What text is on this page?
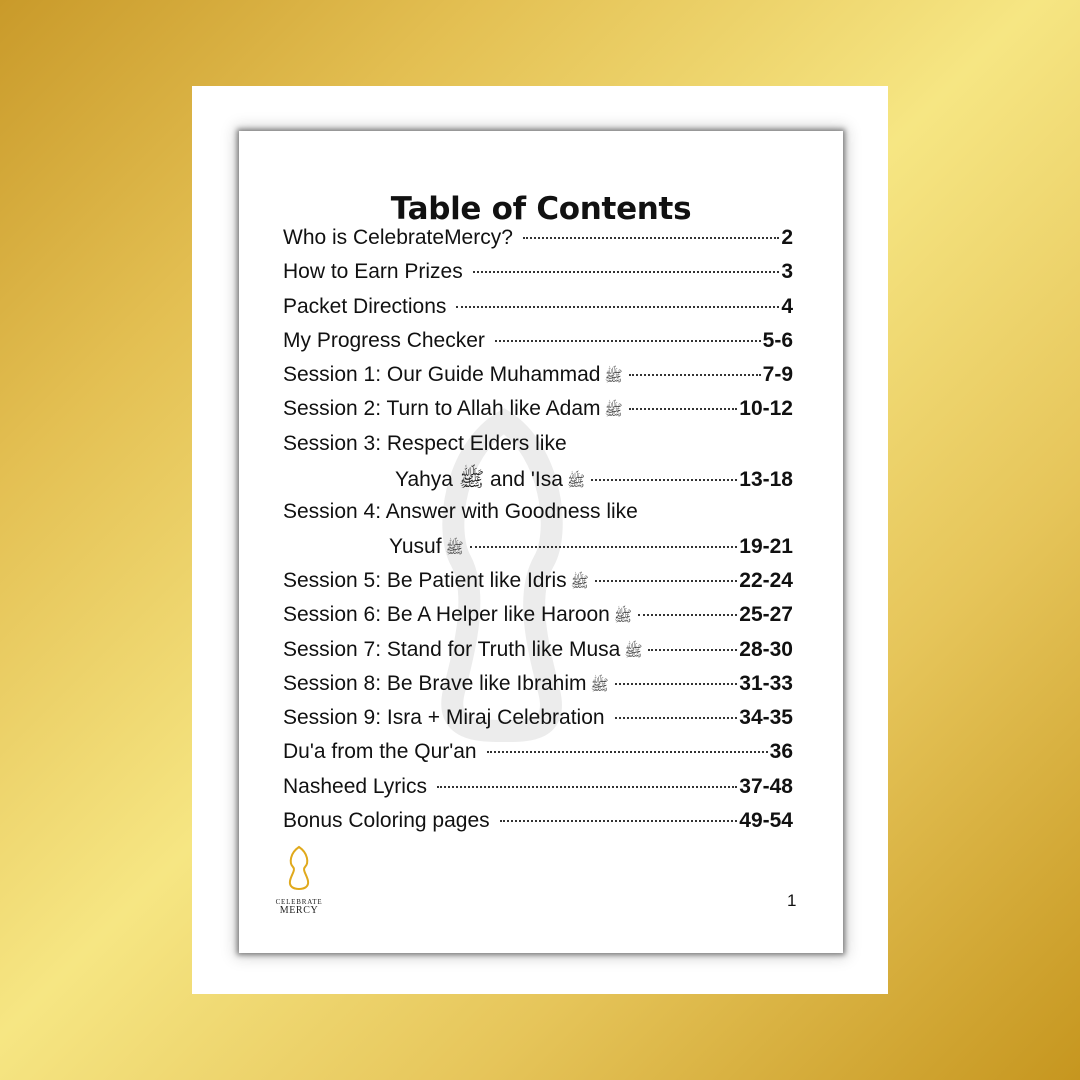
Table of Contents
Who is CelebrateMercy?	2
How to Earn Prizes	3
Packet Directions	4
My Progress Checker	5-6
Session 1: Our Guide Muhammad ﷺ	7-9
Session 2: Turn to Allah like Adam ﷺ	10-12
Session 3: Respect Elders like
Yahya ﷺ and 'Isa ﷺ	13-18
Session 4: Answer with Goodness like
Yusuf ﷺ	19-21
Session 5: Be Patient like Idris ﷺ	22-24
Session 6: Be A Helper like Haroon ﷺ	25-27
Session 7: Stand for Truth like Musa ﷺ	28-30
Session 8: Be Brave like Ibrahim ﷺ	31-33
Session 9: Isra + Miraj Celebration	34-35
Du'a from the Qur'an	36
Nasheed Lyrics	37-48
Bonus Coloring pages	49-54
CELEBRATE
MERCY
1
